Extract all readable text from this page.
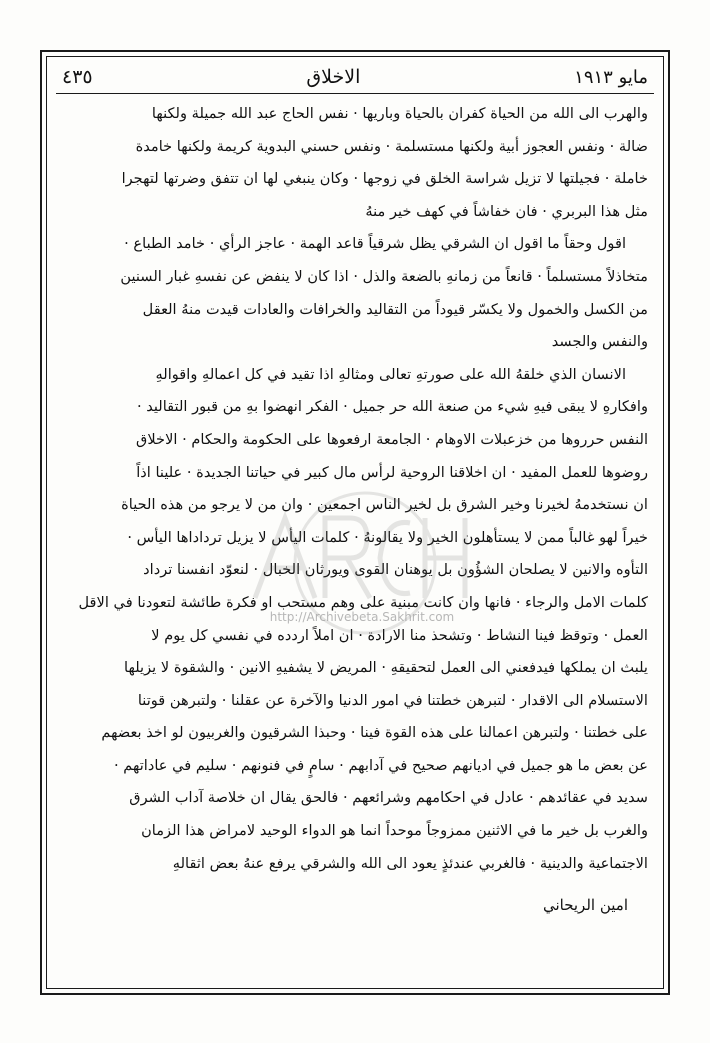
مايو ١٩١٣
الاخلاق
٤٣٥
والهرب الى الله من الحياة كفران بالحياة وباريها · نفس الحاج عبد الله جميلة ولكنها
ضالة · ونفس العجوز أبية ولكنها مستسلمة · ونفس حسني البدوية كريمة ولكنها خامدة
خاملة · فجيلتها لا تزيل شراسة الخلق في زوجها · وكان ينبغي لها ان تتفق وضرتها لتهجرا
مثل هذا البربري · فان خفاشاً في كهف خير منهُ
اقول وحقاً ما اقول ان الشرقي يظل شرقياً قاعد الهمة · عاجز الرأي · خامد الطباع ·
متخاذلاً مستسلماً · قانعاً من زمانهِ بالضعة والذل · اذا كان لا ينفض عن نفسهِ غبار السنين
من الكسل والخمول ولا يكسّر قيوداً من التقاليد والخرافات والعادات قيدت منهُ العقل
والنفس والجسد
الانسان الذي خلقهُ الله على صورتهِ تعالى ومثالهِ اذا تقيد في كل اعمالهِ واقوالهِ
وافكارهِ لا يبقى فيهِ شيء من صنعة الله حر جميل · الفكر انهضوا بهِ من قبور التقاليد ·
النفس حرروها من خزعبلات الاوهام · الجامعة ارفعوها على الحكومة والحكام · الاخلاق
روضوها للعمل المفيد · ان اخلاقنا الروحية لرأس مال كبير في حياتنا الجديدة · علينا اذاً
ان نستخدمهُ لخيرنا وخير الشرق بل لخير الناس اجمعين · وان من لا يرجو من هذه الحياة
خيراً لهو غالباً ممن لا يستأهلون الخير ولا يقالونهُ · كلمات اليأس لا يزيل ترداداها اليأس ·
التأوه والانين لا يصلحان الشؤُون بل يوهنان القوى ويورثان الخبال · لنعوّد انفسنا ترداد
كلمات الامل والرجاء · فانها وان كانت مبنية على وهم مستحب او فكرة طائشة لتعودنا في الاقل
العمل · وتوقظ فينا النشاط · وتشحذ منا الارادة · ان املاً اردده في نفسي كل يوم لا
يلبث ان يملكها فيدفعني الى العمل لتحقيقهِ · المريض لا يشفيهِ الانين · والشقوة لا يزيلها
الاستسلام الى الاقدار · لتبرهن خطتنا في امور الدنيا والآخرة عن عقلنا · ولتبرهن قوتنا
على خطتنا · ولتبرهن اعمالنا على هذه القوة فينا · وحبذا الشرقيون والغربيون لو اخذ بعضهم
عن بعض ما هو جميل في اديانهم صحيح في آدابهم · سامٍ في فنونهم · سليم في عاداتهم ·
سديد في عقائدهم · عادل في احكامهم وشرائعهم · فالحق يقال ان خلاصة آداب الشرق
والغرب بل خير ما في الاثنين ممزوجاً موحداً انما هو الدواء الوحيد لامراض هذا الزمان
الاجتماعية والدينية · فالغربي عندئذٍ يعود الى الله والشرقي يرفع عنهُ بعض اثقالهِ
امين الريحاني
http://Archivebeta.Sakhrit.com
